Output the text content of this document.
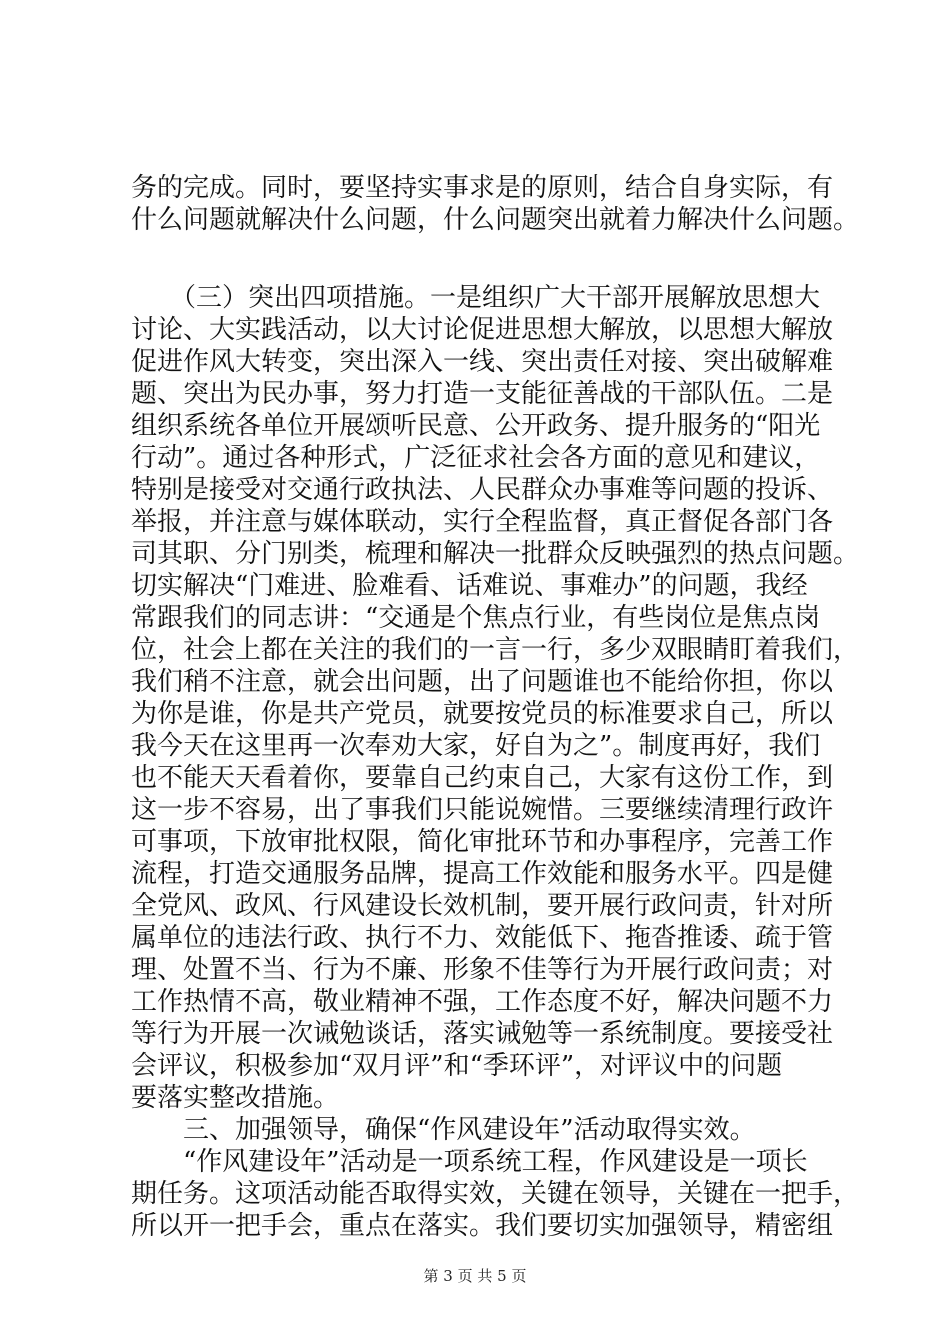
务的完成。同时，要坚持实事求是的原则，结合自身实际，有
什么问题就解决什么问题，什么问题突出就着力解决什么问题。
　　（三）突出四项措施。一是组织广大干部开展解放思想大
讨论、大实践活动，以大讨论促进思想大解放，以思想大解放
促进作风大转变，突出深入一线、突出责任对接、突出破解难
题、突出为民办事，努力打造一支能征善战的干部队伍。二是
组织系统各单位开展颂听民意、公开政务、提升服务的“阳光
行动”。通过各种形式，广泛征求社会各方面的意见和建议，
特别是接受对交通行政执法、人民群众办事难等问题的投诉、
举报，并注意与媒体联动，实行全程监督，真正督促各部门各
司其职、分门别类，梳理和解决一批群众反映强烈的热点问题。
切实解决“门难进、脸难看、话难说、事难办”的问题，我经
常跟我们的同志讲：“交通是个焦点行业，有些岗位是焦点岗
位，社会上都在关注的我们的一言一行，多少双眼睛盯着我们，
我们稍不注意，就会出问题，出了问题谁也不能给你担，你以
为你是谁，你是共产党员，就要按党员的标准要求自己，所以
我今天在这里再一次奉劝大家，好自为之”。制度再好，我们
也不能天天看着你，要靠自己约束自己，大家有这份工作，到
这一步不容易，出了事我们只能说婉惜。三要继续清理行政许
可事项，下放审批权限，简化审批环节和办事程序，完善工作
流程，打造交通服务品牌，提高工作效能和服务水平。四是健
全党风、政风、行风建设长效机制，要开展行政问责，针对所
属单位的违法行政、执行不力、效能低下、拖沓推诿、疏于管
理、处置不当、行为不廉、形象不佳等行为开展行政问责；对
工作热情不高，敬业精神不强，工作态度不好，解决问题不力
等行为开展一次诫勉谈话，落实诫勉等一系统制度。要接受社
会评议，积极参加“双月评”和“季环评”，对评议中的问题
要落实整改措施。
　　三、加强领导，确保“作风建设年”活动取得实效。
　　“作风建设年”活动是一项系统工程，作风建设是一项长
期任务。这项活动能否取得实效，关键在领导，关键在一把手，
所以开一把手会，重点在落实。我们要切实加强领导，精密组
第 3 页 共 5 页
